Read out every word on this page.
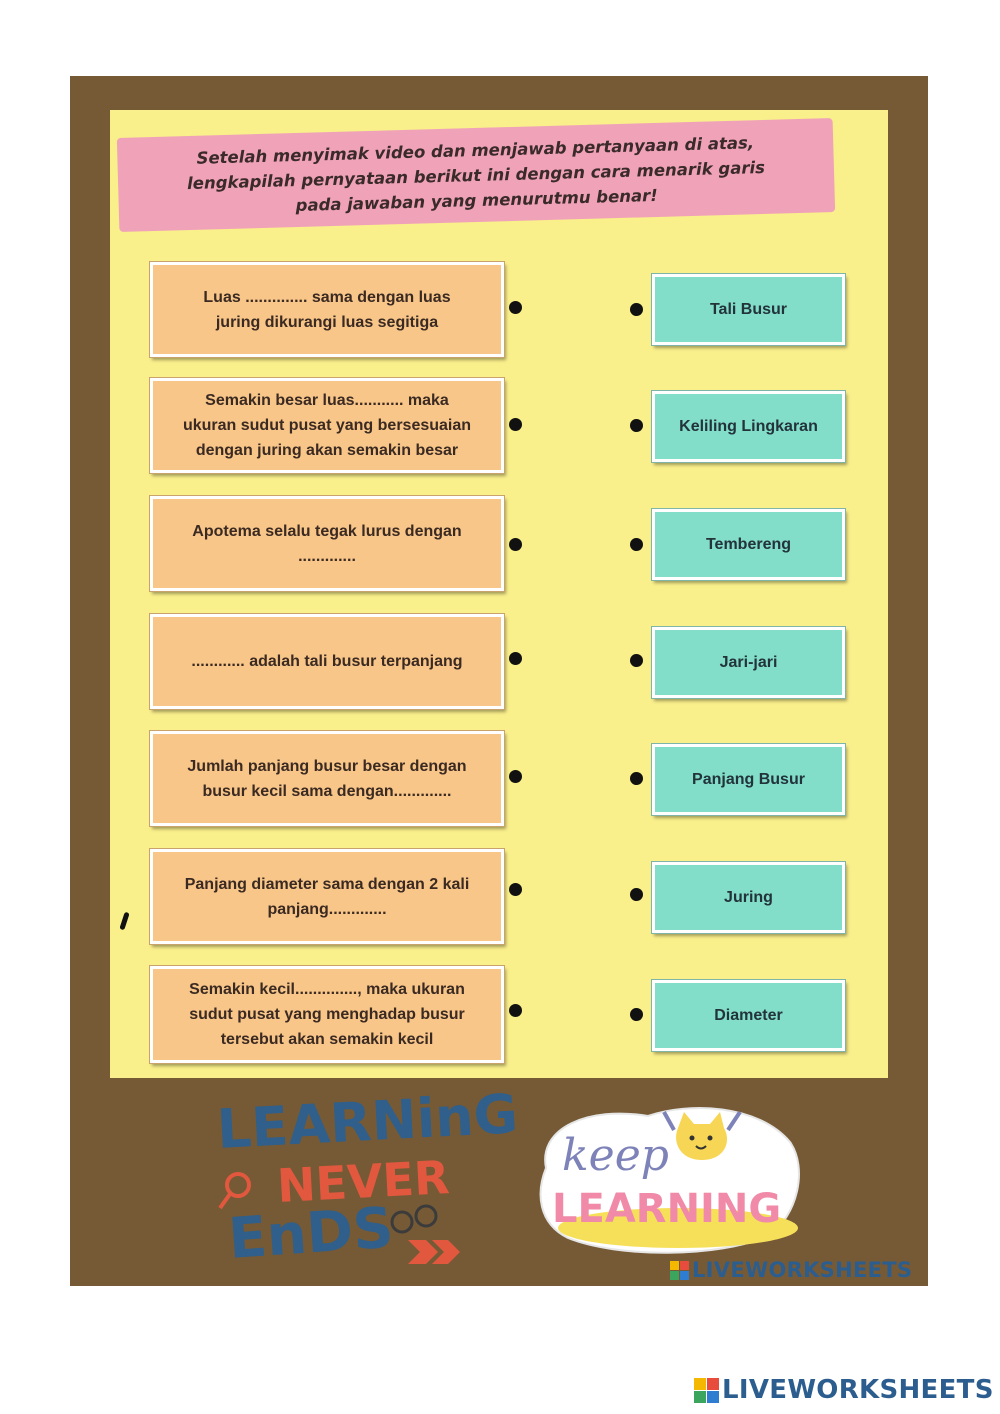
Setelah menyimak video dan menjawab pertanyaan di atas,
lengkapilah pernyataan berikut ini dengan cara menarik garis
pada jawaban yang menurutmu benar!
Luas .............. sama dengan luas
juring dikurangi luas segitiga
Semakin besar luas........... maka
ukuran sudut pusat yang bersesuaian
dengan juring akan semakin besar
Apotema selalu tegak lurus dengan
.............
............ adalah tali busur terpanjang
Jumlah panjang busur besar dengan
busur kecil sama dengan.............
Panjang diameter sama dengan 2 kali
panjang.............
Semakin kecil.............., maka ukuran
sudut pusat yang menghadap busur
tersebut akan semakin kecil
Tali Busur
Keliling Lingkaran
Tembereng
Jari-jari
Panjang Busur
Juring
Diameter
LEARNinG
NEVER
EnDS
keep
LEARNING
LIVEWORKSHEETS
LIVEWORKSHEETS
